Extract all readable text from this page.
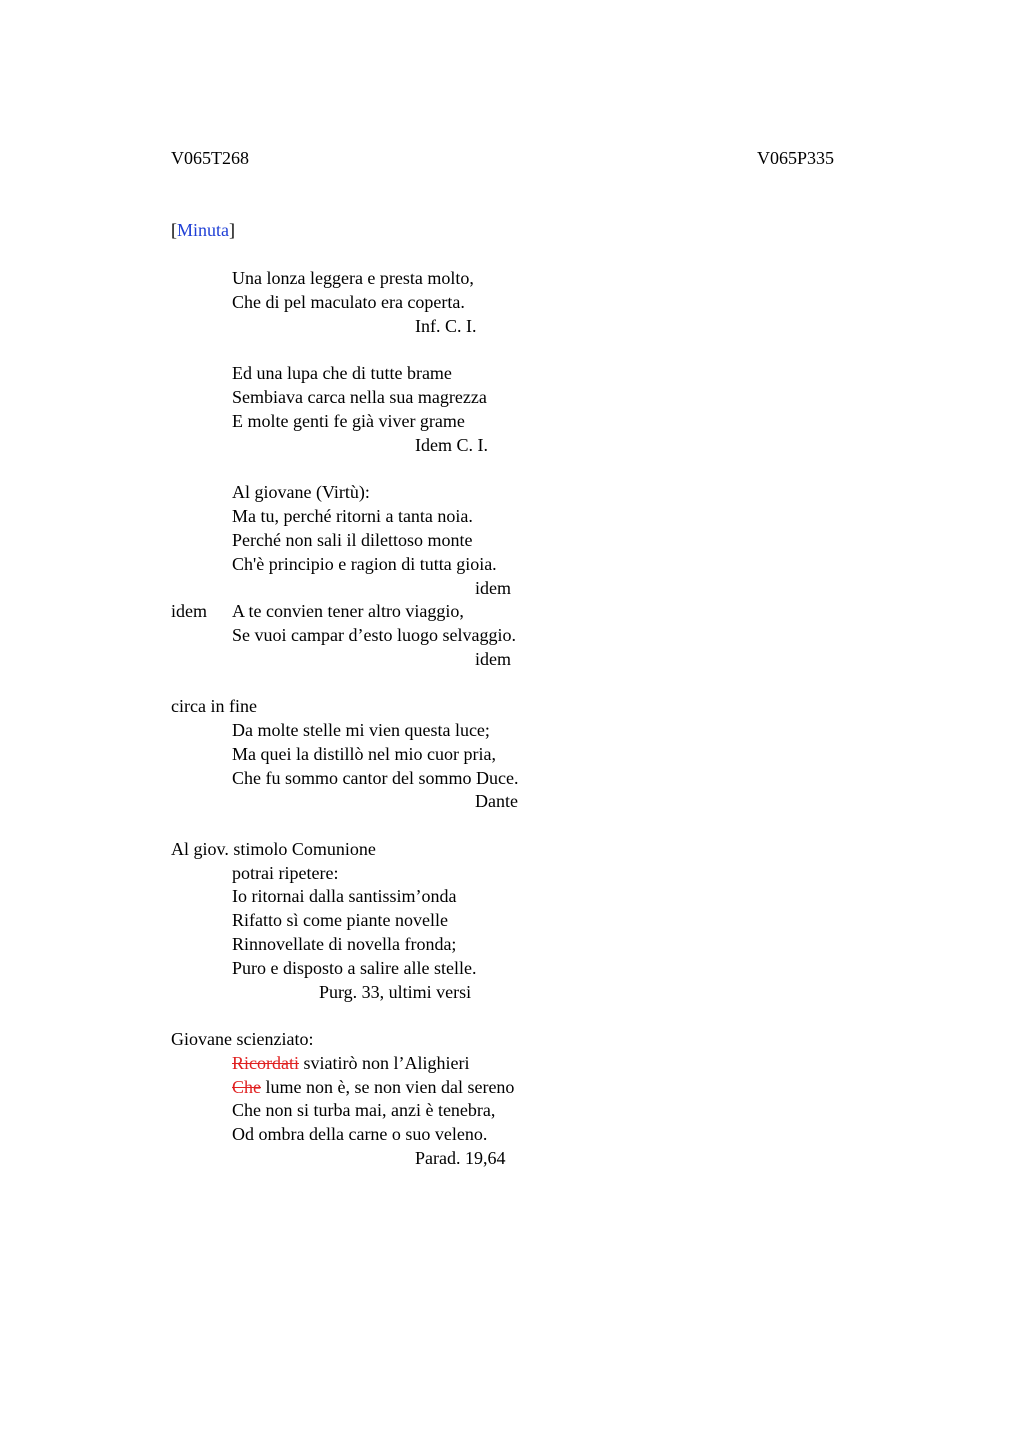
V065T268	V065P335
[Minuta]
Una lonza leggera e presta molto,
Che di pel maculato era coperta.
Inf. C. I.
Ed una lupa che di tutte brame
Sembiava carca nella sua magrezza
E molte genti fe già viver grame
Idem C. I.
Al giovane (Virtù):
Ma tu, perché ritorni a tanta noia.
Perché non sali il dilettoso monte
Ch'è principio e ragion di tutta gioia.
idem
idem A te convien tener altro viaggio,
Se vuoi campar d’esto luogo selvaggio.
idem
circa in fine
Da molte stelle mi vien questa luce;
Ma quei la distillò nel mio cuor pria,
Che fu sommo cantor del sommo Duce.
Dante
Al giov. stimolo Comunione
potrai ripetere:
Io ritornai dalla santissim’onda
Rifatto sì come piante novelle
Rinnovellate di novella fronda;
Puro e disposto a salire alle stelle.
Purg. 33, ultimi versi
Giovane scienziato:
Ricordati sviatirò non l’Alighieri
Che lume non è, se non vien dal sereno
Che non si turba mai, anzi è tenebra,
Od ombra della carne o suo veleno.
Parad. 19,64
